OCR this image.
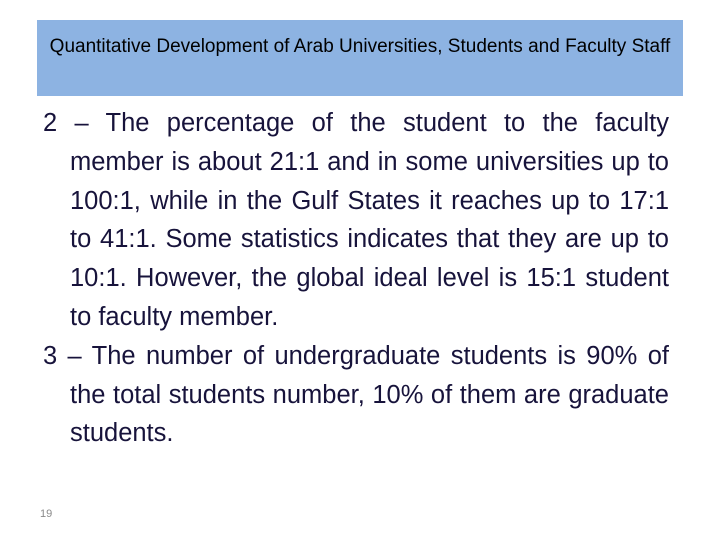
Quantitative Development of Arab Universities, Students and Faculty Staff

2 – The percentage of the student to the faculty member is about 21:1 and in some universities up to 100:1, while in the Gulf States it reaches up to 17:1 to 41:1. Some statistics indicates that they are up to 10:1. However, the global ideal level is 15:1 student to faculty member.

3 – The number of undergraduate students is 90% of the total students number, 10% of them are graduate students.

19
